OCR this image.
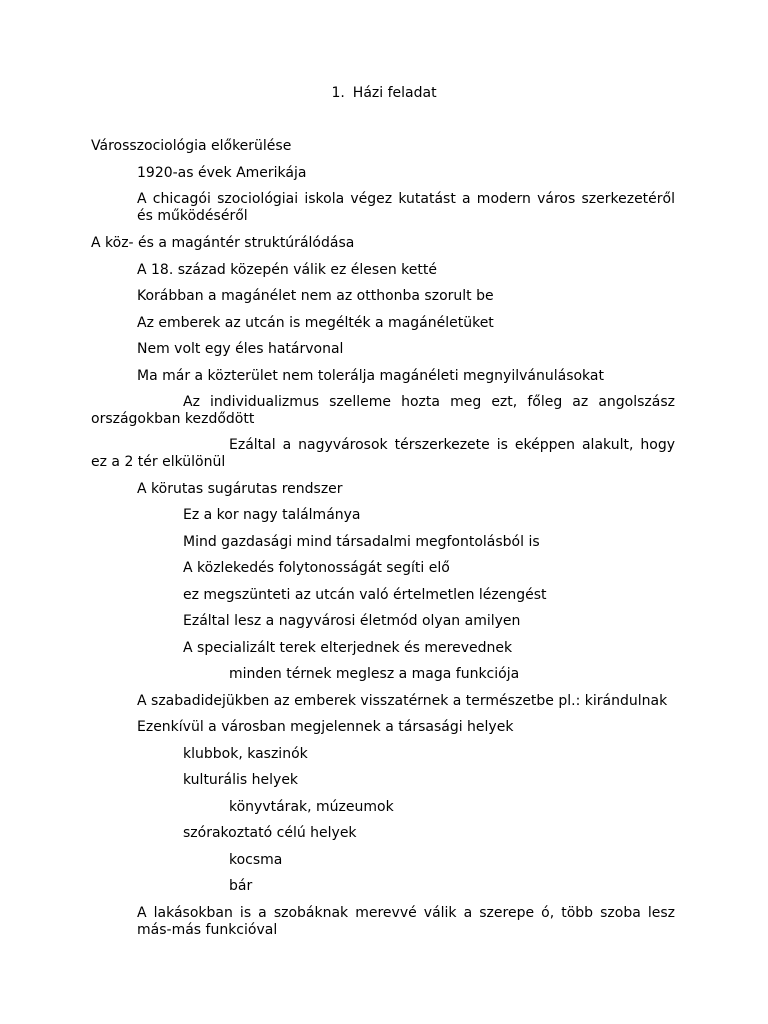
1. Házi feladat
Városszociológia előkerülése
1920-as évek Amerikája
A chicagói szociológiai iskola végez kutatást a modern város szerkezetéről és működéséről
A köz- és a magántér struktúrálódása
A 18. század közepén válik ez élesen ketté
Korábban a magánélet nem az otthonba szorult be
Az emberek az utcán is megélték a magánéletüket
Nem volt egy éles határvonal
Ma már a közterület nem tolerálja magánéleti megnyilvánulásokat
Az individualizmus szelleme hozta meg ezt, főleg az angolszász országokban kezdődött
Ezáltal a nagyvárosok térszerkezete is eképpen alakult, hogy ez a 2 tér elkülönül
A körutas sugárutas rendszer
Ez a kor nagy találmánya
Mind gazdasági mind társadalmi megfontolásból is
A közlekedés folytonosságát segíti elő
ez megszünteti az utcán való értelmetlen lézengést
Ezáltal lesz a nagyvárosi életmód olyan amilyen
A specializált terek elterjednek és merevednek
minden térnek meglesz a maga funkciója
A szabadidejükben az emberek visszatérnek a természetbe pl.: kirándulnak
Ezenkívül a városban megjelennek a társasági helyek
klubbok, kaszinók
kulturális helyek
könyvtárak, múzeumok
szórakoztató célú helyek
kocsma
bár
A lakásokban is a szobáknak merevvé válik a szerepe ó, több szoba lesz más-más funkcióval
